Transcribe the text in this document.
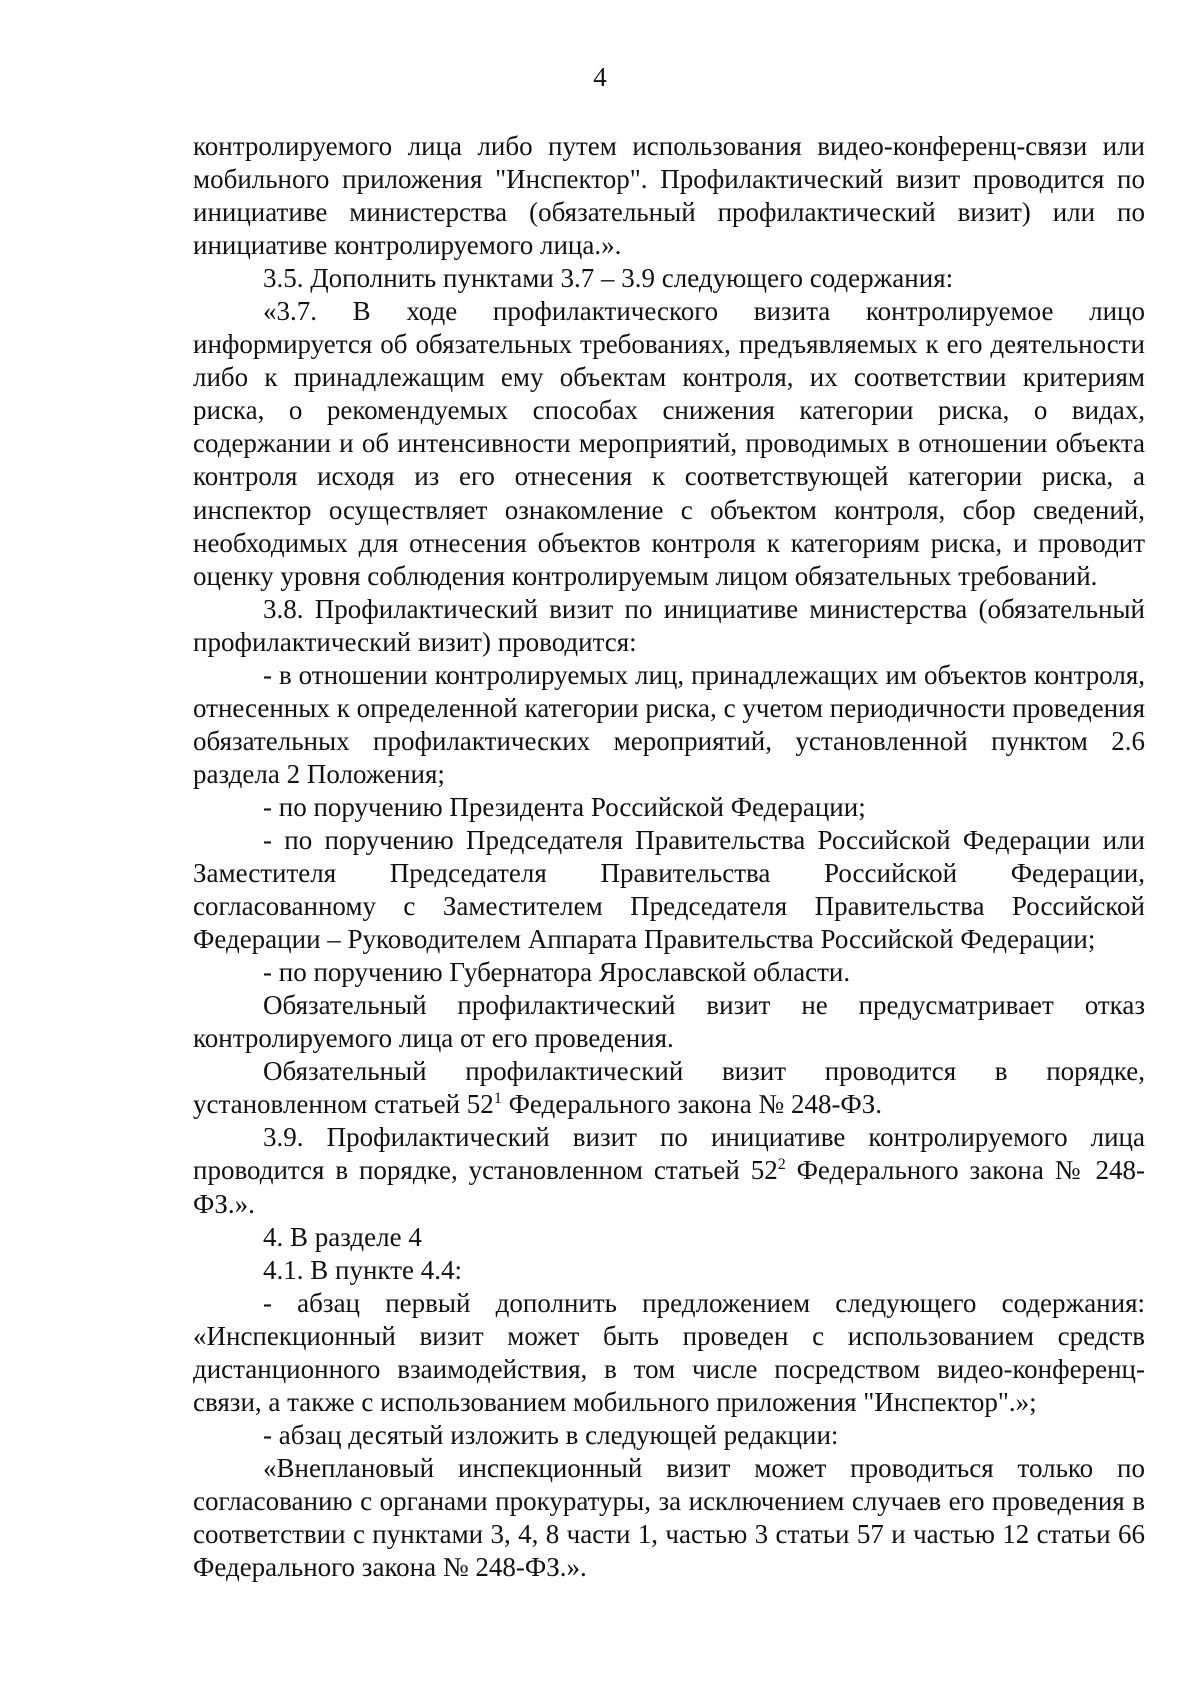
4

контролируемого лица либо путем использования видео-конференц-связи или мобильного приложения "Инспектор". Профилактический визит проводится по инициативе министерства (обязательный профилактический визит) или по инициативе контролируемого лица.».

3.5. Дополнить пунктами 3.7 – 3.9 следующего содержания:

«3.7. В ходе профилактического визита контролируемое лицо информируется об обязательных требованиях, предъявляемых к его деятельности либо к принадлежащим ему объектам контроля, их соответствии критериям риска, о рекомендуемых способах снижения категории риска, о видах, содержании и об интенсивности мероприятий, проводимых в отношении объекта контроля исходя из его отнесения к соответствующей категории риска, а инспектор осуществляет ознакомление с объектом контроля, сбор сведений, необходимых для отнесения объектов контроля к категориям риска, и проводит оценку уровня соблюдения контролируемым лицом обязательных требований.

3.8. Профилактический визит по инициативе министерства (обязательный профилактический визит) проводится:

- в отношении контролируемых лиц, принадлежащих им объектов контроля, отнесенных к определенной категории риска, с учетом периодичности проведения обязательных профилактических мероприятий, установленной пунктом 2.6 раздела 2 Положения;

- по поручению Президента Российской Федерации;

- по поручению Председателя Правительства Российской Федерации или Заместителя Председателя Правительства Российской Федерации, согласованному с Заместителем Председателя Правительства Российской Федерации – Руководителем Аппарата Правительства Российской Федерации;

- по поручению Губернатора Ярославской области.

Обязательный профилактический визит не предусматривает отказ контролируемого лица от его проведения.

Обязательный профилактический визит проводится в порядке, установленном статьей $52^1$ Федерального закона № 248-ФЗ.

3.9. Профилактический визит по инициативе контролируемого лица проводится в порядке, установленном статьей $52^2$ Федерального закона № 248-ФЗ.».

4. В разделе 4

4.1. В пункте 4.4:

- абзац первый дополнить предложением следующего содержания: «Инспекционный визит может быть проведен с использованием средств дистанционного взаимодействия, в том числе посредством видео-конференц-связи, а также с использованием мобильного приложения "Инспектор".»;

- абзац десятый изложить в следующей редакции:

«Внеплановый инспекционный визит может проводиться только по согласованию с органами прокуратуры, за исключением случаев его проведения в соответствии с пунктами 3, 4, 8 части 1, частью 3 статьи 57 и частью 12 статьи 66 Федерального закона № 248-ФЗ.».
